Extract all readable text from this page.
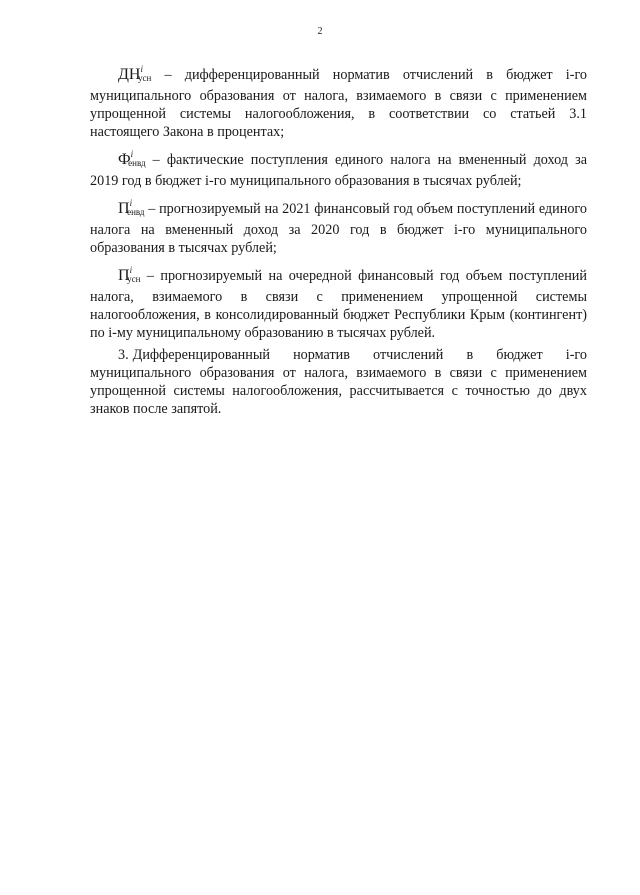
2

$ДН^i_{усн}$ – дифференцированный норматив отчислений в бюджет i-го муниципального образования от налога, взимаемого в связи с применением упрощенной системы налогообложения, в соответствии со статьей 3.1 настоящего Закона в процентах;

$Ф^i_{енвд}$ – фактические поступления единого налога на вмененный доход за 2019 год в бюджет i-го муниципального образования в тысячах рублей;

$П^i_{енвд}$ – прогнозируемый на 2021 финансовый год объем поступлений единого налога на вмененный доход за 2020 год в бюджет i-го муниципального образования в тысячах рублей;

$П^i_{усн}$ – прогнозируемый на очередной финансовый год объем поступлений налога, взимаемого в связи с применением упрощенной системы налогообложения, в консолидированный бюджет Республики Крым (контингент) по i-му муниципальному образованию в тысячах рублей.

3. Дифференцированный норматив отчислений в бюджет i-го муниципального образования от налога, взимаемого в связи с применением упрощенной системы налогообложения, рассчитывается с точностью до двух знаков после запятой.
